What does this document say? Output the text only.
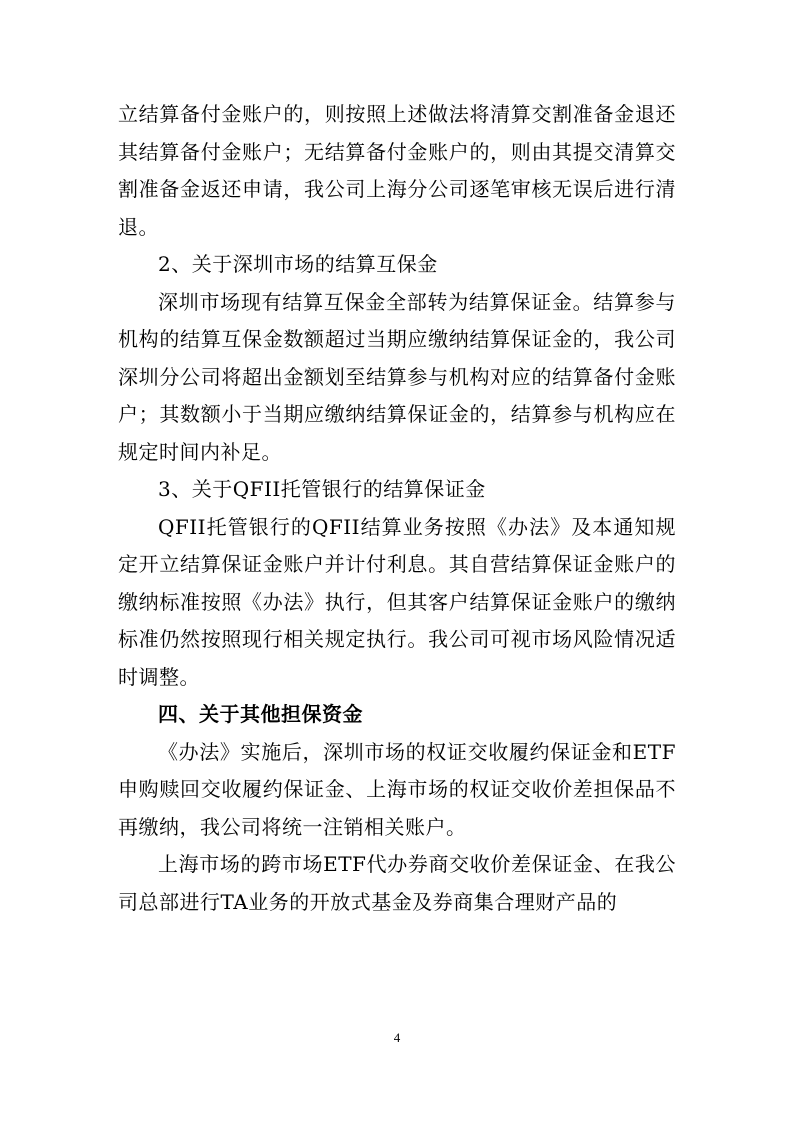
立结算备付金账户的，则按照上述做法将清算交割准备金退还其结算备付金账户；无结算备付金账户的，则由其提交清算交割准备金返还申请，我公司上海分公司逐笔审核无误后进行清退。

2、关于深圳市场的结算互保金

深圳市场现有结算互保金全部转为结算保证金。结算参与机构的结算互保金数额超过当期应缴纳结算保证金的，我公司深圳分公司将超出金额划至结算参与机构对应的结算备付金账户；其数额小于当期应缴纳结算保证金的，结算参与机构应在规定时间内补足。

3、关于QFII托管银行的结算保证金

QFII托管银行的QFII结算业务按照《办法》及本通知规定开立结算保证金账户并计付利息。其自营结算保证金账户的缴纳标准按照《办法》执行，但其客户结算保证金账户的缴纳标准仍然按照现行相关规定执行。我公司可视市场风险情况适时调整。

四、关于其他担保资金

《办法》实施后，深圳市场的权证交收履约保证金和ETF申购赎回交收履约保证金、上海市场的权证交收价差担保品不再缴纳，我公司将统一注销相关账户。

上海市场的跨市场ETF代办券商交收价差保证金、在我公司总部进行TA业务的开放式基金及券商集合理财产品的

4
